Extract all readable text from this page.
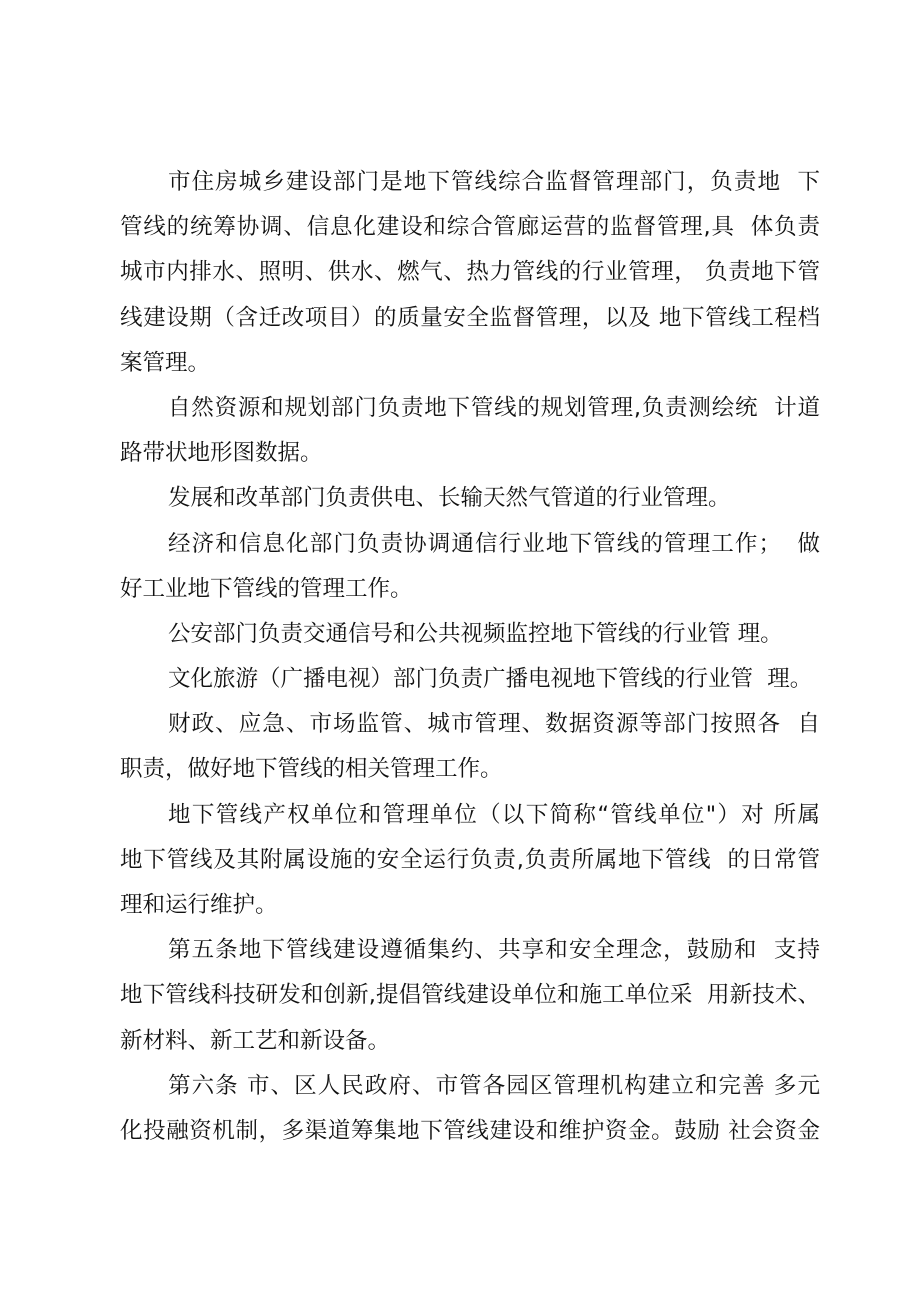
市住房城乡建设部门是地下管线综合监督管理部门，负责地  下
管线的统筹协调、信息化建设和综合管廊运营的监督管理,具  体负责
城市内排水、照明、供水、燃气、热力管线的行业管理， 负责地下管
线建设期（含迁改项目）的质量安全监督管理，以及 地下管线工程档
案管理。
自然资源和规划部门负责地下管线的规划管理,负责测绘统  计道
路带状地形图数据。
发展和改革部门负责供电、长输天然气管道的行业管理。
经济和信息化部门负责协调通信行业地下管线的管理工作；  做
好工业地下管线的管理工作。
公安部门负责交通信号和公共视频监控地下管线的行业管 理。
文化旅游（广播电视）部门负责广播电视地下管线的行业管  理。
财政、应急、市场监管、城市管理、数据资源等部门按照各  自
职责，做好地下管线的相关管理工作。
地下管线产权单位和管理单位（以下简称“管线单位"）对 所属
地下管线及其附属设施的安全运行负责,负责所属地下管线  的日常管
理和运行维护。
第五条地下管线建设遵循集约、共享和安全理念，鼓励和  支持
地下管线科技研发和创新,提倡管线建设单位和施工单位采  用新技术、
新材料、新工艺和新设备。
第六条 市、区人民政府、市管各园区管理机构建立和完善 多元
化投融资机制，多渠道筹集地下管线建设和维护资金。鼓励 社会资金
